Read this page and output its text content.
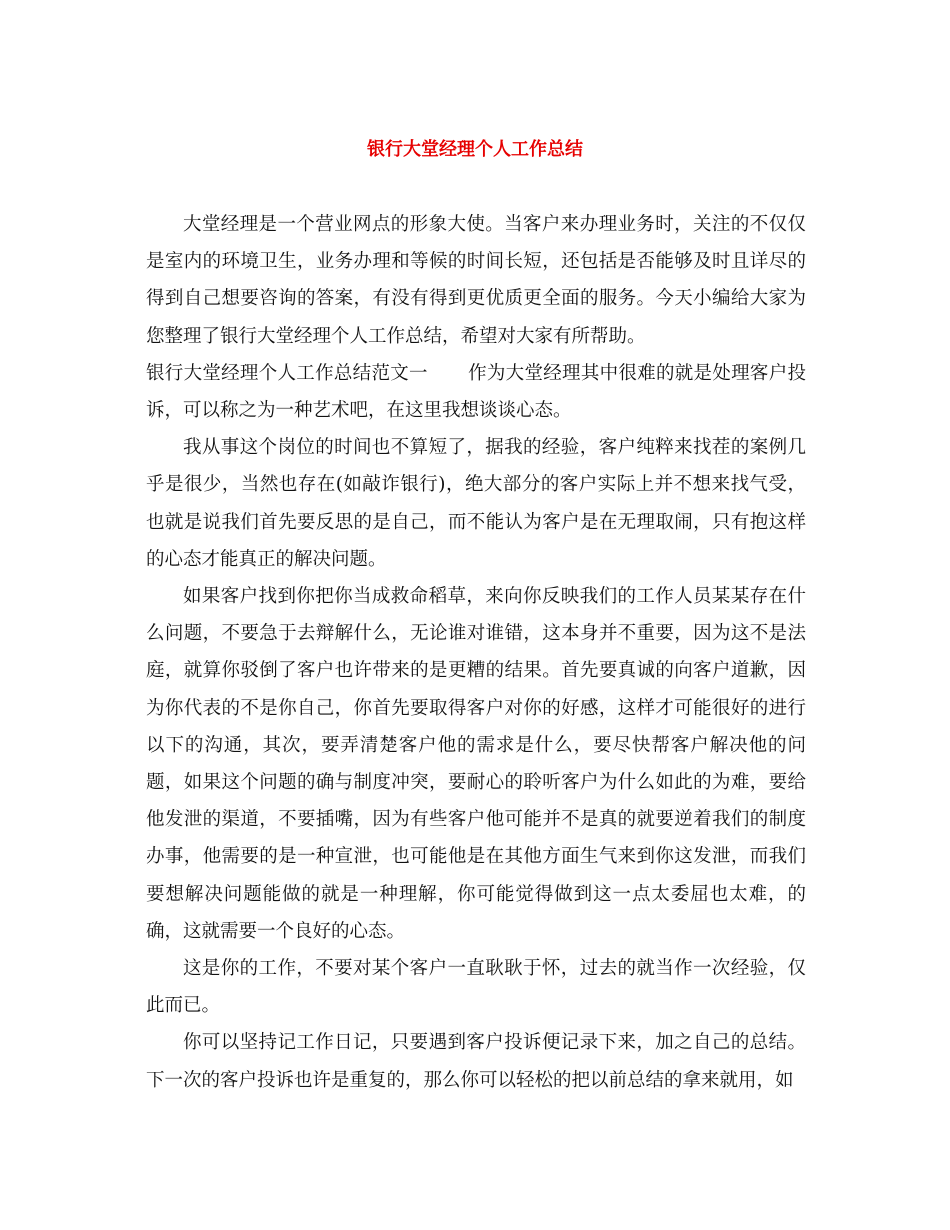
银行大堂经理个人工作总结

大堂经理是一个营业网点的形象大使。当客户来办理业务时，关注的不仅仅是室内的环境卫生，业务办理和等候的时间长短，还包括是否能够及时且详尽的得到自己想要咨询的答案，有没有得到更优质更全面的服务。今天小编给大家为您整理了银行大堂经理个人工作总结，希望对大家有所帮助。

银行大堂经理个人工作总结范文一 作为大堂经理其中很难的就是处理客户投诉，可以称之为一种艺术吧，在这里我想谈谈心态。

我从事这个岗位的时间也不算短了，据我的经验，客户纯粹来找茬的案例几乎是很少，当然也存在(如敲诈银行)，绝大部分的客户实际上并不想来找气受，也就是说我们首先要反思的是自己，而不能认为客户是在无理取闹，只有抱这样的心态才能真正的解决问题。

如果客户找到你把你当成救命稻草，来向你反映我们的工作人员某某存在什么问题，不要急于去辩解什么，无论谁对谁错，这本身并不重要，因为这不是法庭，就算你驳倒了客户也许带来的是更糟的结果。首先要真诚的向客户道歉，因为你代表的不是你自己，你首先要取得客户对你的好感，这样才可能很好的进行以下的沟通，其次，要弄清楚客户他的需求是什么，要尽快帮客户解决他的问题，如果这个问题的确与制度冲突，要耐心的聆听客户为什么如此的为难，要给他发泄的渠道，不要插嘴，因为有些客户他可能并不是真的就要逆着我们的制度办事，他需要的是一种宣泄，也可能他是在其他方面生气来到你这发泄，而我们要想解决问题能做的就是一种理解，你可能觉得做到这一点太委屈也太难，的确，这就需要一个良好的心态。

这是你的工作，不要对某个客户一直耿耿于怀，过去的就当作一次经验，仅此而已。

你可以坚持记工作日记，只要遇到客户投诉便记录下来，加之自己的总结。下一次的客户投诉也许是重复的，那么你可以轻松的把以前总结的拿来就用，如
